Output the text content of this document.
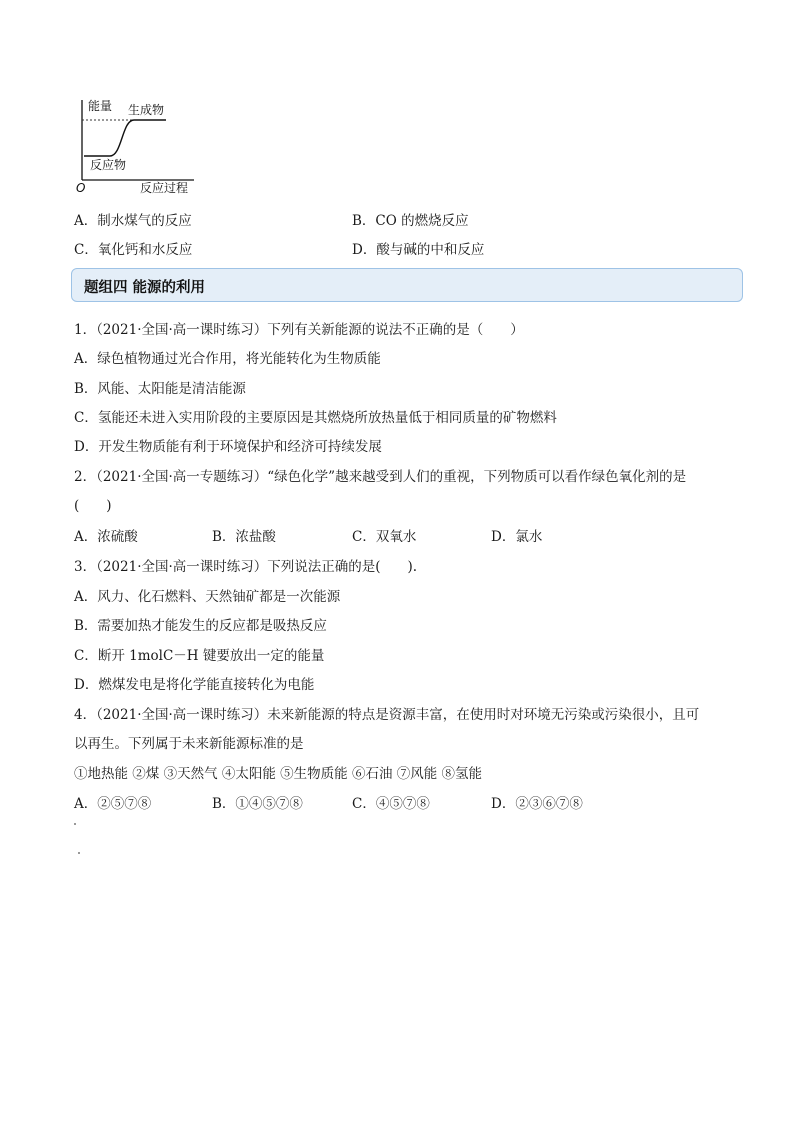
能量 生成物
反应物
O	反应过程
A．制水煤气的反应	B．CO 的燃烧反应
C．氧化钙和水反应	D．酸与碱的中和反应
题组四 能源的利用
1．（2021·全国·高一课时练习）下列有关新能源的说法不正确的是（　　）
A．绿色植物通过光合作用，将光能转化为生物质能
B．风能、太阳能是清洁能源
C．氢能还未进入实用阶段的主要原因是其燃烧所放热量低于相同质量的矿物燃料
D．开发生物质能有利于环境保护和经济可持续发展
2．（2021·全国·高一专题练习）“绿色化学”越来越受到人们的重视，下列物质可以看作绿色氧化剂的是
(　　)
A．浓硫酸	B．浓盐酸	C．双氧水	D．氯水
3．（2021·全国·高一课时练习）下列说法正确的是(　　).
A．风力、化石燃料、天然铀矿都是一次能源
B．需要加热才能发生的反应都是吸热反应
C．断开 1molC－H 键要放出一定的能量
D．燃煤发电是将化学能直接转化为电能
4．（2021·全国·高一课时练习）未来新能源的特点是资源丰富，在使用时对环境无污染或污染很小，且可
以再生。下列属于未来新能源标准的是
①地热能 ②煤 ③天然气 ④太阳能 ⑤生物质能 ⑥石油 ⑦风能 ⑧氢能
A．②⑤⑦⑧	B．①④⑤⑦⑧	C．④⑤⑦⑧	D．②③⑥⑦⑧
